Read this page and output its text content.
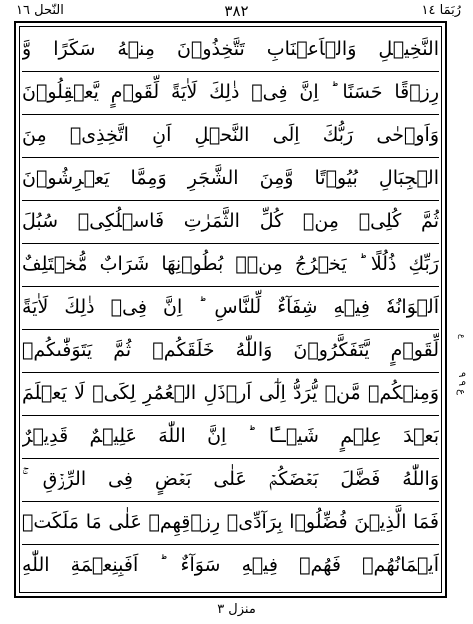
النّحل ١٦	٣٨٢	رُبَمَا ١٤
النَّخِيۡلِ وَالۡاَعۡنَابِ تَتَّخِذُوۡنَ مِنۡهُ سَكَرًا وَّ
رِزۡقًا حَسَنًا ؕ اِنَّ فِىۡ ذٰلِكَ لَاٰيَةً لِّقَوۡمٍ يَّعۡقِلُوۡنَ
وَاَوۡحٰى رَبُّكَ اِلَى النَّحۡلِ اَنِ اتَّخِذِىۡ مِنَ
الۡجِبَالِ بُيُوۡتًا وَّمِنَ الشَّجَرِ وَمِمَّا يَعۡرِشُوۡنَ
ثُمَّ كُلِىۡ مِنۡ كُلِّ الثَّمَرٰتِ فَاسۡلُكِىۡ سُبُلَ
رَبِّكِ ذُلُلًا ؕ يَخۡرُجُ مِنۡۢ بُطُوۡنِهَا شَرَابٌ مُّخۡتَلِفٌ
اَلۡوَانُهٗ فِيۡهِ شِفَآءٌ لِّلنَّاسِ ؕ اِنَّ فِىۡ ذٰلِكَ لَاٰيَةً
لِّقَوۡمٍ يَّتَفَكَّرُوۡنَ وَاللّٰهُ خَلَقَكُمۡ ثُمَّ يَتَوَفّٰٮكُمۡ
وَمِنۡكُمۡ مَّنۡ يُّرَدُّ اِلٰٓى اَرۡذَلِ الۡعُمُرِ لِكَىۡ لَا يَعۡلَمَ
بَعۡدَ عِلۡمٍ شَيۡــًٔا ؕ اِنَّ اللّٰهَ عَلِيۡمٌ قَدِيۡرٌ
وَاللّٰهُ فَضَّلَ بَعۡضَكُمۡ عَلٰى بَعۡضٍ فِى الرِّزۡقِ ۚ
فَمَا الَّذِيۡنَ فُضِّلُوۡا بِرَآدِّىۡ رِزۡقِهِمۡ عَلٰى مَا مَلَكَتۡ
اَيۡمَانُهُمۡ فَهُمۡ فِيۡهِ سَوَآءٌ ؕ اَفَبِنِعۡمَةِ اللّٰهِ
ع
ع ٩ ٩
منزل ٣
